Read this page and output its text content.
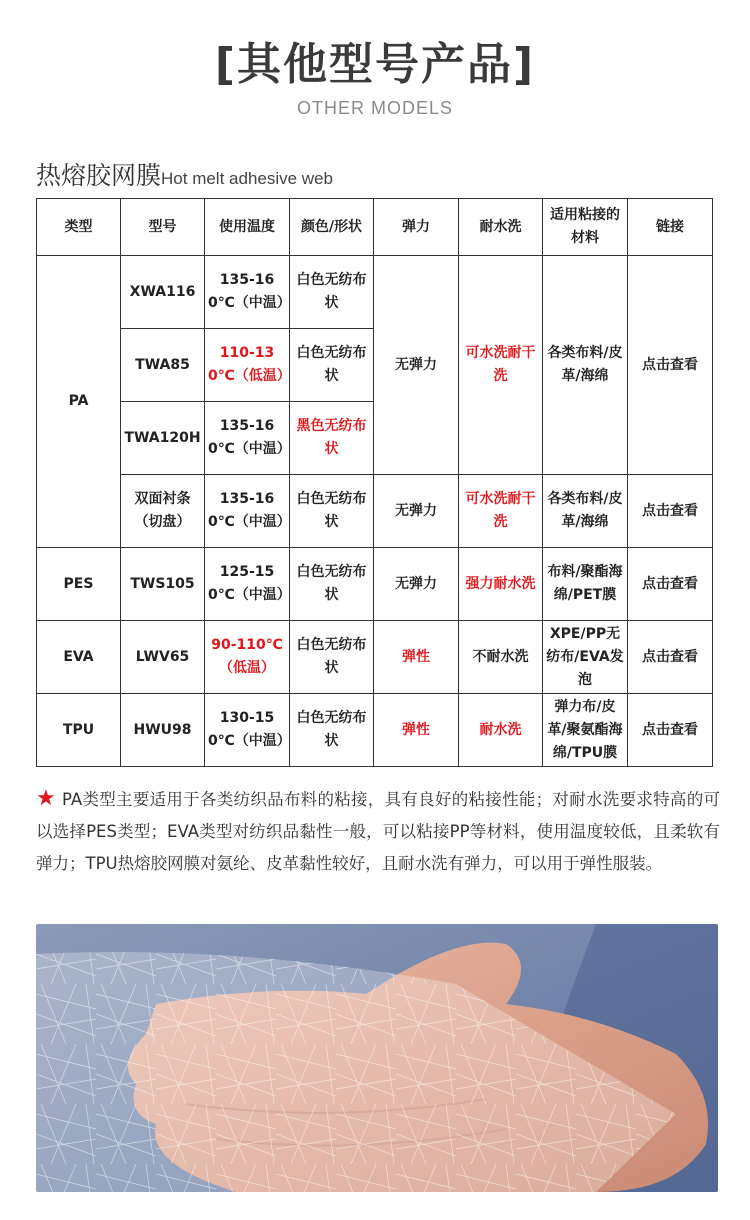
[其他型号产品]
OTHER MODELS
热熔胶网膜Hot melt adhesive web
类型	型号	使用温度	颜色/形状	弹力	耐水洗	适用粘接的材料	链接
PA	XWA116	135-160℃（中温）	白色无纺布状	无弹力	可水洗耐干洗	各类布料/皮革/海绵	点击查看
	TWA85	110-130℃（低温）	白色无纺布状				
	TWA120H	135-160℃（中温）	黑色无纺布状				
	双面衬条（切盘）	135-160℃（中温）	白色无纺布状	无弹力	可水洗耐干洗	各类布料/皮革/海绵	点击查看
PES	TWS105	125-150℃（中温）	白色无纺布状	无弹力	强力耐水洗	布料/聚酯海绵/PET膜	点击查看
EVA	LWV65	90-110℃（低温）	白色无纺布状	弹性	不耐水洗	XPE/PP无纺布/EVA发泡	点击查看
TPU	HWU98	130-150℃（中温）	白色无纺布状	弹性	耐水洗	弹力布/皮革/聚氨酯海绵/TPU膜	点击查看
★ PA类型主要适用于各类纺织品布料的粘接，具有良好的粘接性能；对耐水洗要求特高的可以选择PES类型；EVA类型对纺织品黏性一般，可以粘接PP等材料，使用温度较低，且柔软有弹力；TPU热熔胶网膜对氨纶、皮革黏性较好，且耐水洗有弹力，可以用于弹性服装。
